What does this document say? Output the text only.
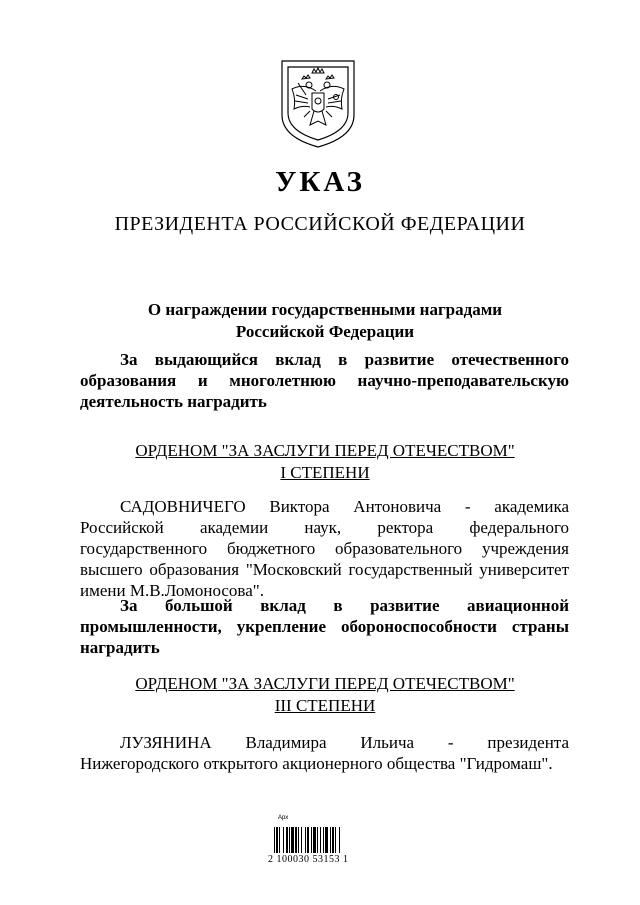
УКАЗ
ПРЕЗИДЕНТА РОССИЙСКОЙ ФЕДЕРАЦИИ
О награждении государственными наградами
Российской Федерации

За выдающийся вклад в развитие отечественного образования и многолетнюю научно-преподавательскую деятельность наградить

ОРДЕНОМ "ЗА ЗАСЛУГИ ПЕРЕД ОТЕЧЕСТВОМ"
I СТЕПЕНИ

САДОВНИЧЕГО Виктора Антоновича - академика Российской академии наук, ректора федерального государственного бюджетного образовательного учреждения высшего образования "Московский государственный университет имени М.В.Ломоносова".

За большой вклад в развитие авиационной промышленности, укрепление обороноспособности страны наградить

ОРДЕНОМ "ЗА ЗАСЛУГИ ПЕРЕД ОТЕЧЕСТВОМ"
III СТЕПЕНИ

ЛУЗЯНИНА Владимира Ильича - президента Нижегородского открытого акционерного общества "Гидромаш".

Арх
2 100030 53153 1
